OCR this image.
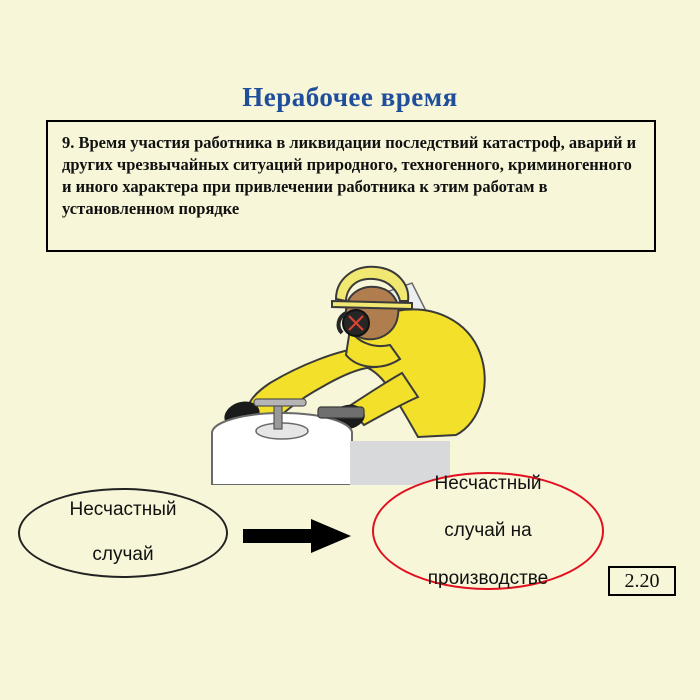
Нерабочее время

9. Время участия работника в ликвидации последствий катастроф, аварий и других чрезвычайных ситуаций природного, техногенного, криминогенного и иного характера при привлечении работника к этим работам в установленном порядке

Несчастный

случай
Несчастный

случай на

производстве	2.20
